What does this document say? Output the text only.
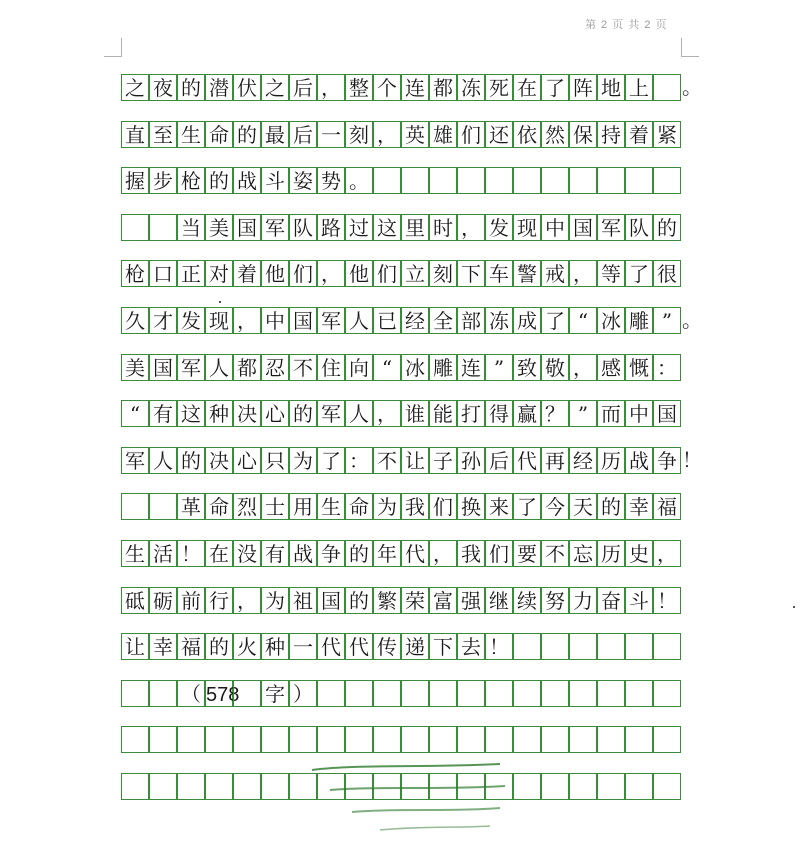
第 2 页 共 2 页
之 夜 的 潜 伏 之 后 ， 整 个 连 都 冻 死 在 了 阵 地 上 。
直 至 生 命 的 最 后 一 刻 ， 英 雄 们 还 依 然 保 持 着 紧
握 步 枪 的 战 斗 姿 势 。
当 美 国 军 队 路 过 这 里 时 ， 发 现 中 国 军 队 的
枪 口 正 对 着 他 们 ， 他 们 立 刻 下 车 警 戒 ， 等 了 很
久 才 发 现 ， 中 国 军 人 已 经 全 部 冻 成 了 “ 冰 雕 ” 。
美 国 军 人 都 忍 不 住 向 “ 冰 雕 连 ” 致 敬 ， 感 慨 ：
“ 有 这 种 决 心 的 军 人 ， 谁 能 打 得 赢 ？ ” 而 中 国
军 人 的 决 心 只 为 了 ： 不 让 子 孙 后 代 再 经 历 战 争 ！
革 命 烈 士 用 生 命 为 我 们 换 来 了 今 天 的 幸 福
生 活 ！ 在 没 有 战 争 的 年 代 ， 我 们 要 不 忘 历 史 ，
砥 砺 前 行 ， 为 祖 国 的 繁 荣 富 强 继 续 努 力 奋 斗 ！
让 幸 福 的 火 种 一 代 代 传 递 下 去 ！
（ 578 字 ）
